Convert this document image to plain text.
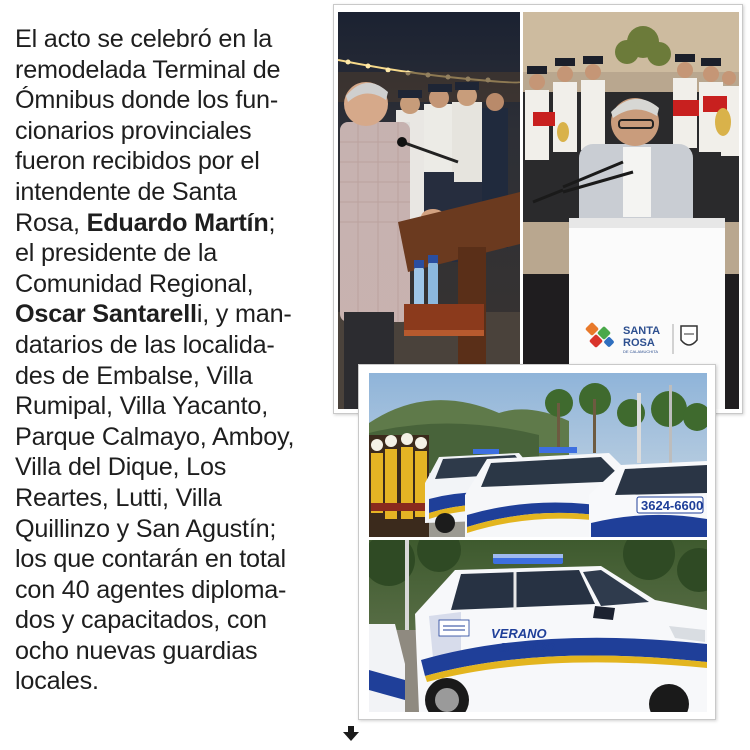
El acto se celebró en la
remodelada Terminal de
Ómnibus donde los fun-
cionarios provinciales
fueron recibidos por el
intendente de Santa
Rosa, Eduardo Martín;
el presidente de la
Comunidad Regional,
Oscar Santarelli, y man-
datarios de las localida-
des de Embalse, Villa
Rumipal, Villa Yacanto,
Parque Calmayo, Amboy,
Villa del Dique, Los
Reartes, Lutti, Villa
Quillinzo y San Agustín;
los que contarán en total
con 40 agentes diploma-
dos y capacitados, con
ocho nuevas guardias
locales.
SANTA
ROSA
DE CALAMUCHITA
Om	3624-6600
VERANO
SEGURO
